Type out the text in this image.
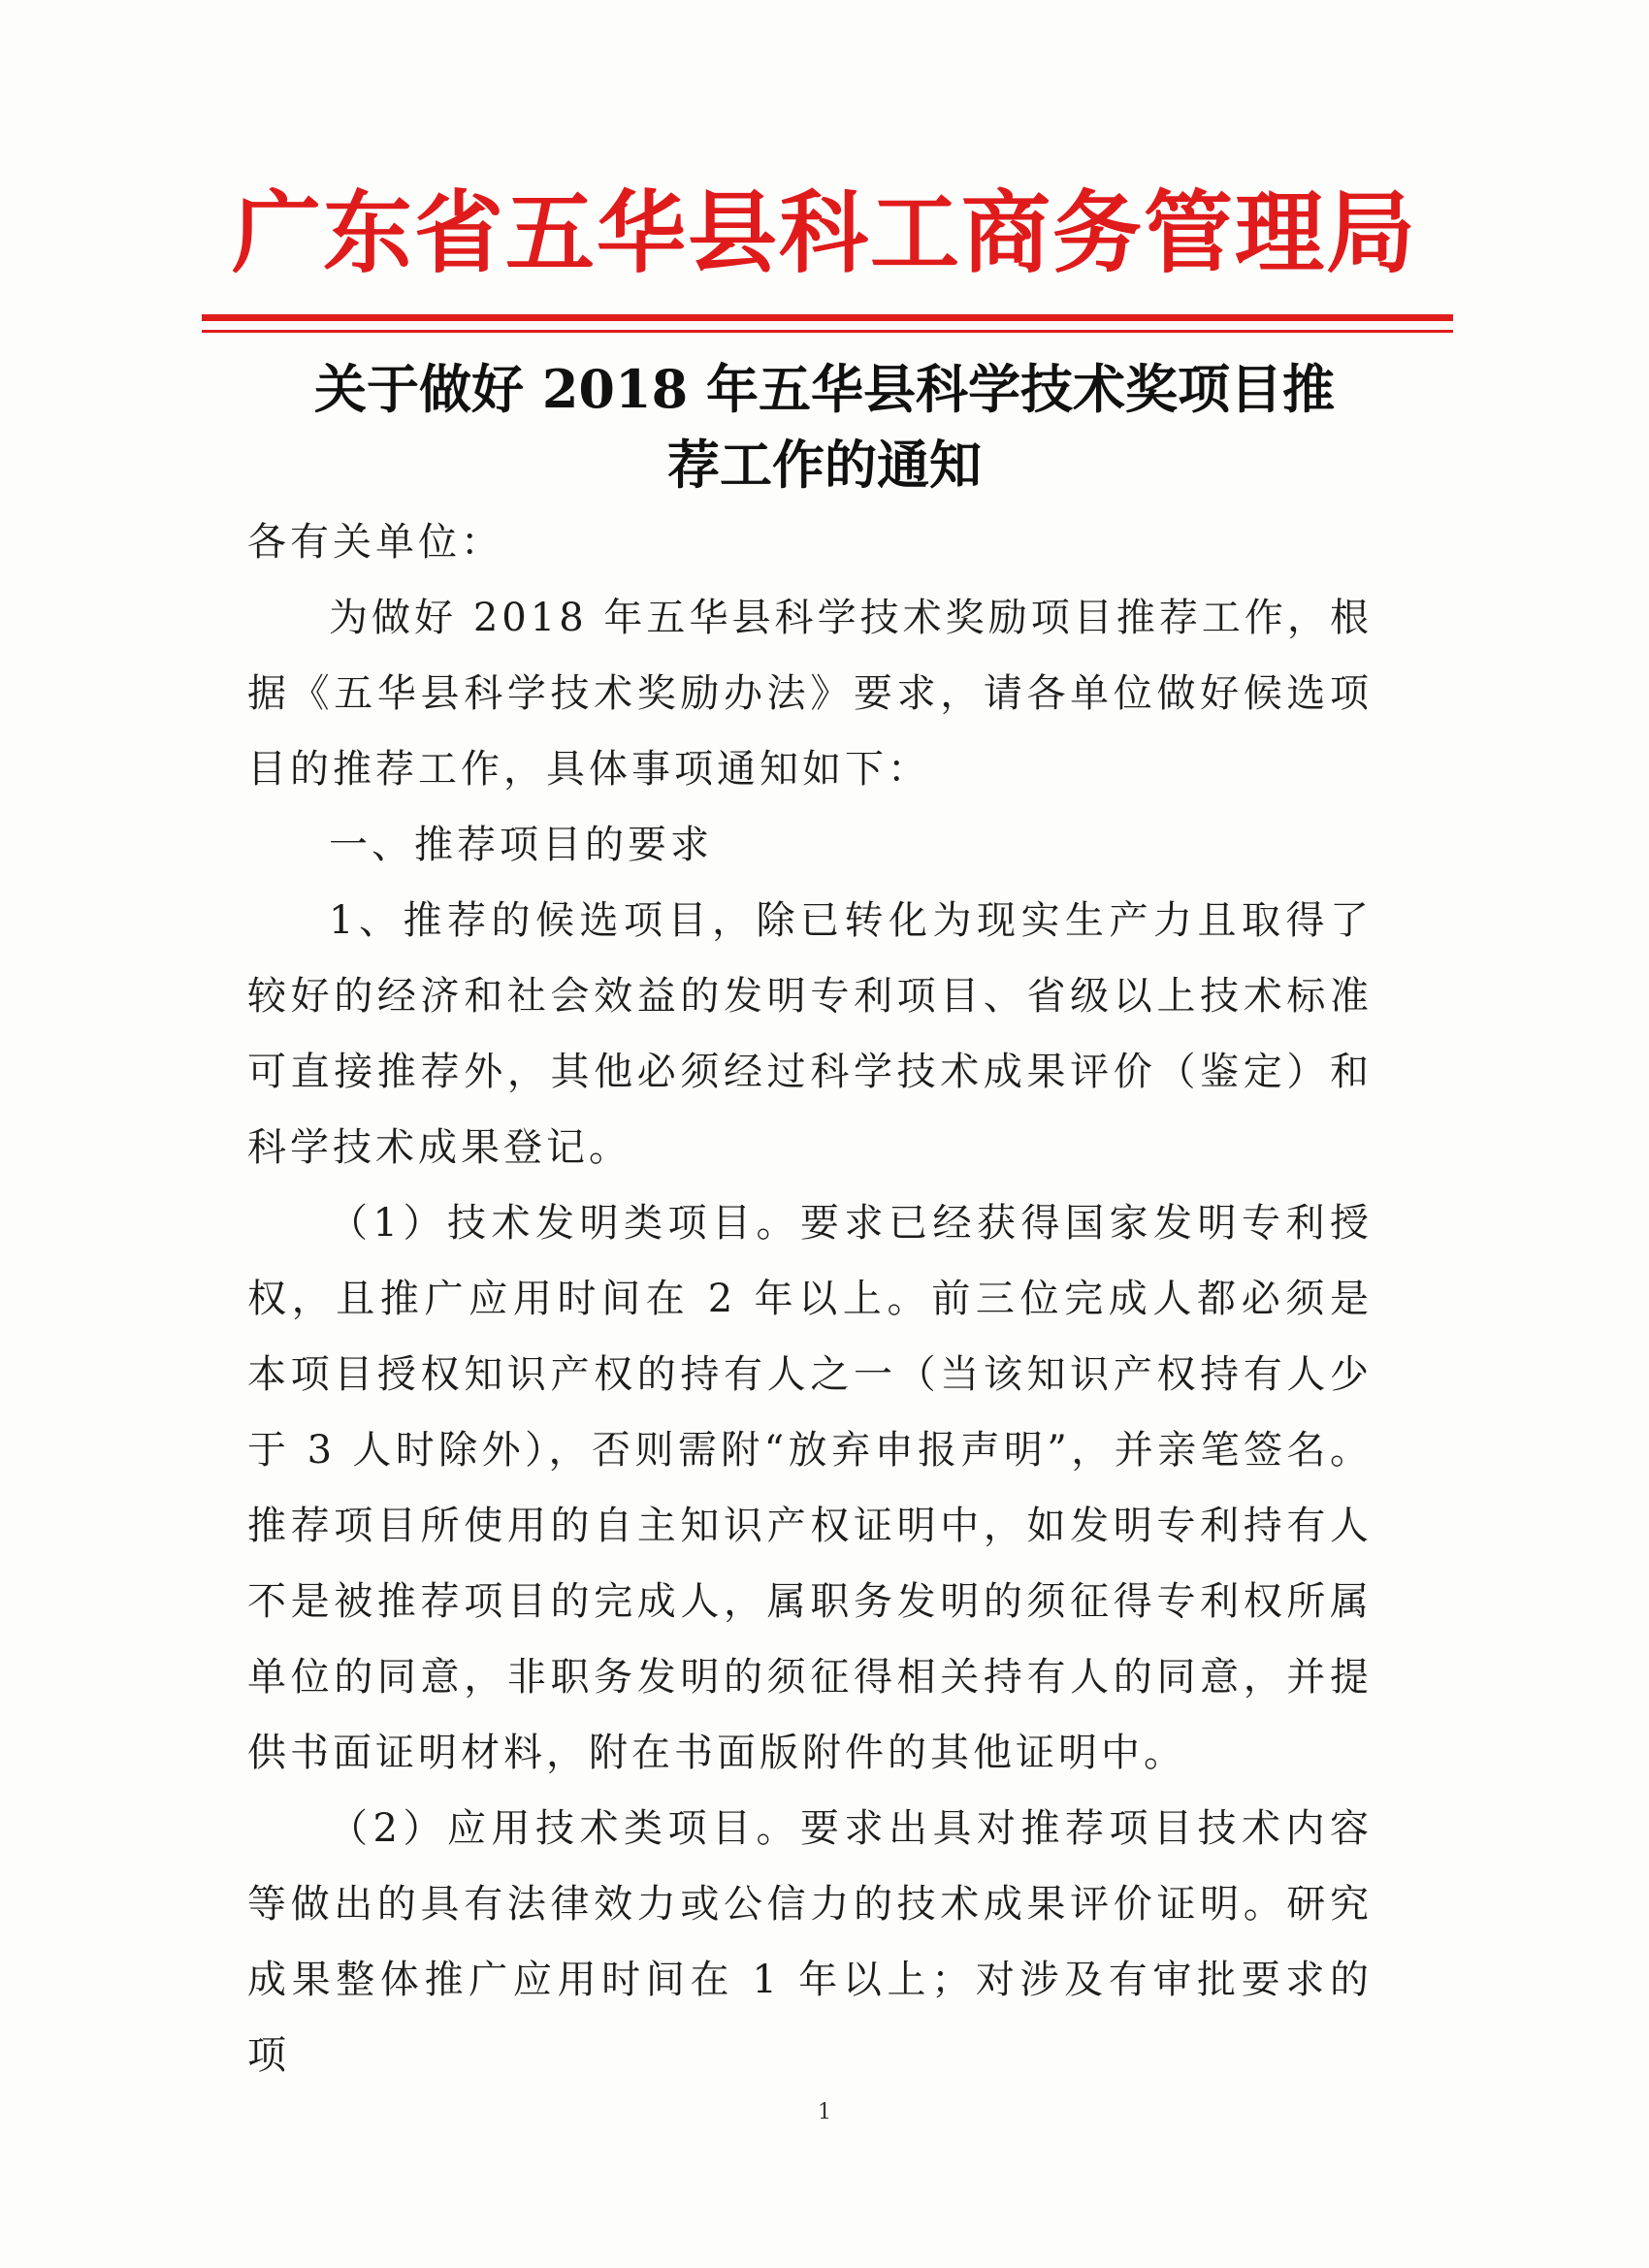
广东省五华县科工商务管理局
关于做好 2018 年五华县科学技术奖项目推
荐工作的通知

各有关单位：

为做好 2018 年五华县科学技术奖励项目推荐工作，根据《五华县科学技术奖励办法》要求，请各单位做好候选项目的推荐工作，具体事项通知如下：

一、推荐项目的要求

1、推荐的候选项目，除已转化为现实生产力且取得了较好的经济和社会效益的发明专利项目、省级以上技术标准可直接推荐外，其他必须经过科学技术成果评价（鉴定）和科学技术成果登记。

（1）技术发明类项目。要求已经获得国家发明专利授权，且推广应用时间在 2 年以上。前三位完成人都必须是本项目授权知识产权的持有人之一（当该知识产权持有人少于 3 人时除外），否则需附“放弃申报声明”，并亲笔签名。推荐项目所使用的自主知识产权证明中，如发明专利持有人不是被推荐项目的完成人，属职务发明的须征得专利权所属单位的同意，非职务发明的须征得相关持有人的同意，并提供书面证明材料，附在书面版附件的其他证明中。

（2）应用技术类项目。要求出具对推荐项目技术内容等做出的具有法律效力或公信力的技术成果评价证明。研究成果整体推广应用时间在 1 年以上；对涉及有审批要求的项

1
